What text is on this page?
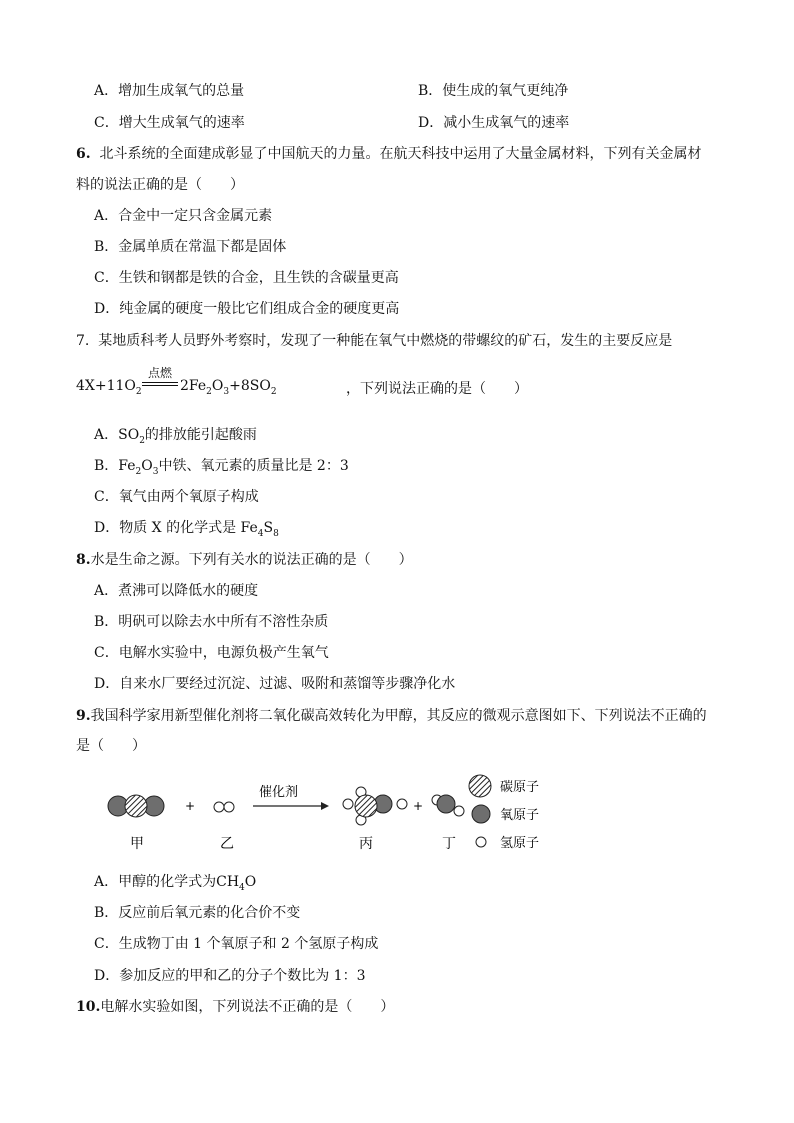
A．增加生成氧气的总量	B．使生成的氧气更纯净
C．增大生成氧气的速率	D．减小生成氧气的速率
6. 北斗系统的全面建成彰显了中国航天的力量。在航天科技中运用了大量金属材料，下列有关金属材
料的说法正确的是（　　）
A．合金中一定只含金属元素
B．金属单质在常温下都是固体
C．生铁和钢都是铁的合金，且生铁的含碳量更高
D．纯金属的硬度一般比它们组成合金的硬度更高
7. 某地质科考人员野外考察时，发现了一种能在氧气中燃烧的带螺纹的矿石，发生的主要反应是
$4X+11O_2$
点燃
$2Fe_2O_3+8SO_2$	，下列说法正确的是（　　）
A．$SO_2$的排放能引起酸雨
B．$Fe_2O_3$中铁、氧元素的质量比是 2：3
C．氧气由两个氧原子构成
D．物质 X 的化学式是 $Fe_4S_8$
8.水是生命之源。下列有关水的说法正确的是（　　）
A．煮沸可以降低水的硬度
B．明矾可以除去水中所有不溶性杂质
C．电解水实验中，电源负极产生氧气
D．自来水厂要经过沉淀、过滤、吸附和蒸馏等步骤净化水
9.我国科学家用新型催化剂将二氧化碳高效转化为甲醇，其反应的微观示意图如下、下列说法不正确的
是（　　）
+
催化剂
+
甲	乙	丙	丁
碳原子
氧原子
氢原子
A．甲醇的化学式为$CH_4O$
B．反应前后氧元素的化合价不变
C．生成物丁由 1 个氧原子和 2 个氢原子构成
D．参加反应的甲和乙的分子个数比为 1：3
10.电解水实验如图，下列说法不正确的是（　　）
